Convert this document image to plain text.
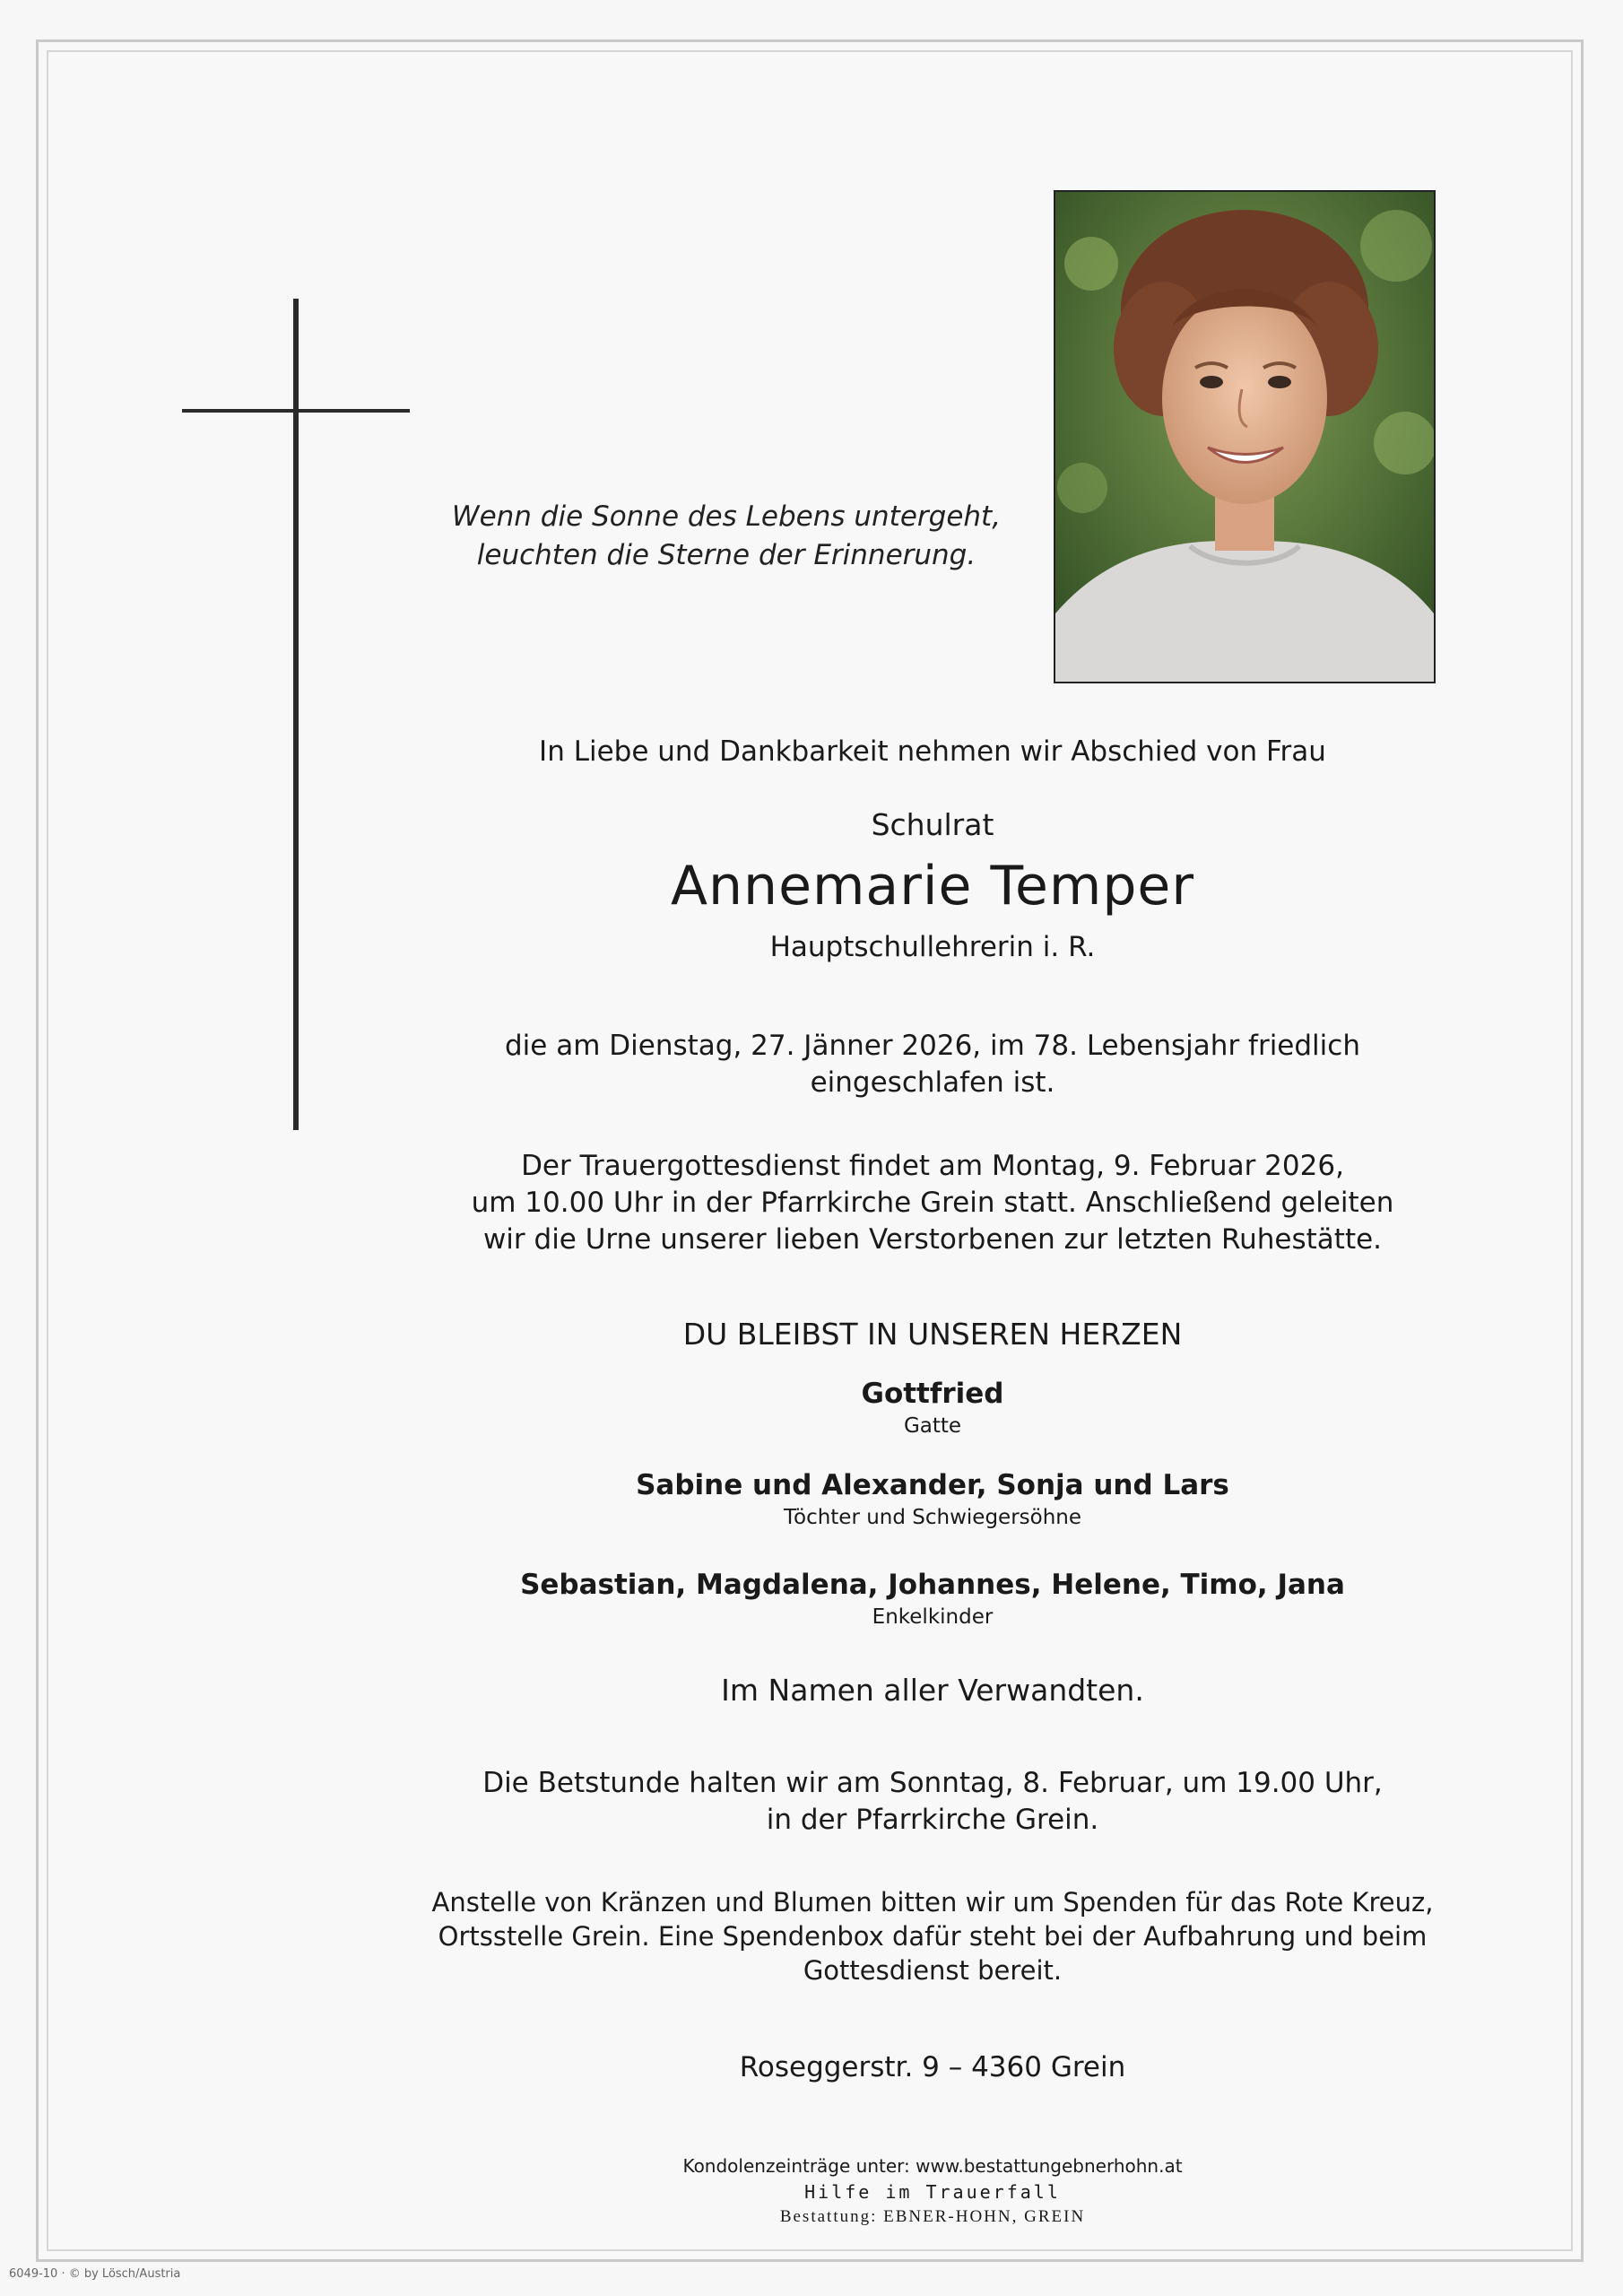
Wenn die Sonne des Lebens untergeht,
leuchten die Sterne der Erinnerung.
In Liebe und Dankbarkeit nehmen wir Abschied von Frau
Schulrat
Annemarie Temper
Hauptschullehrerin i. R.
die am Dienstag, 27. Jänner 2026, im 78. Lebensjahr friedlich
eingeschlafen ist.
Der Trauergottesdienst findet am Montag, 9. Februar 2026,
um 10.00 Uhr in der Pfarrkirche Grein statt. Anschließend geleiten
wir die Urne unserer lieben Verstorbenen zur letzten Ruhestätte.
DU BLEIBST IN UNSEREN HERZEN
Gottfried
Gatte
Sabine und Alexander, Sonja und Lars
Töchter und Schwiegersöhne
Sebastian, Magdalena, Johannes, Helene, Timo, Jana
Enkelkinder
Im Namen aller Verwandten.
Die Betstunde halten wir am Sonntag, 8. Februar, um 19.00 Uhr,
in der Pfarrkirche Grein.
Anstelle von Kränzen und Blumen bitten wir um Spenden für das Rote Kreuz,
Ortsstelle Grein. Eine Spendenbox dafür steht bei der Aufbahrung und beim
Gottesdienst bereit.
Roseggerstr. 9 – 4360 Grein
Kondolenzeinträge unter: www.bestattungebnerhohn.at
Hilfe im Trauerfall
Bestattung: EBNER-HOHN, GREIN
6049-10 · © by Lösch/Austria
